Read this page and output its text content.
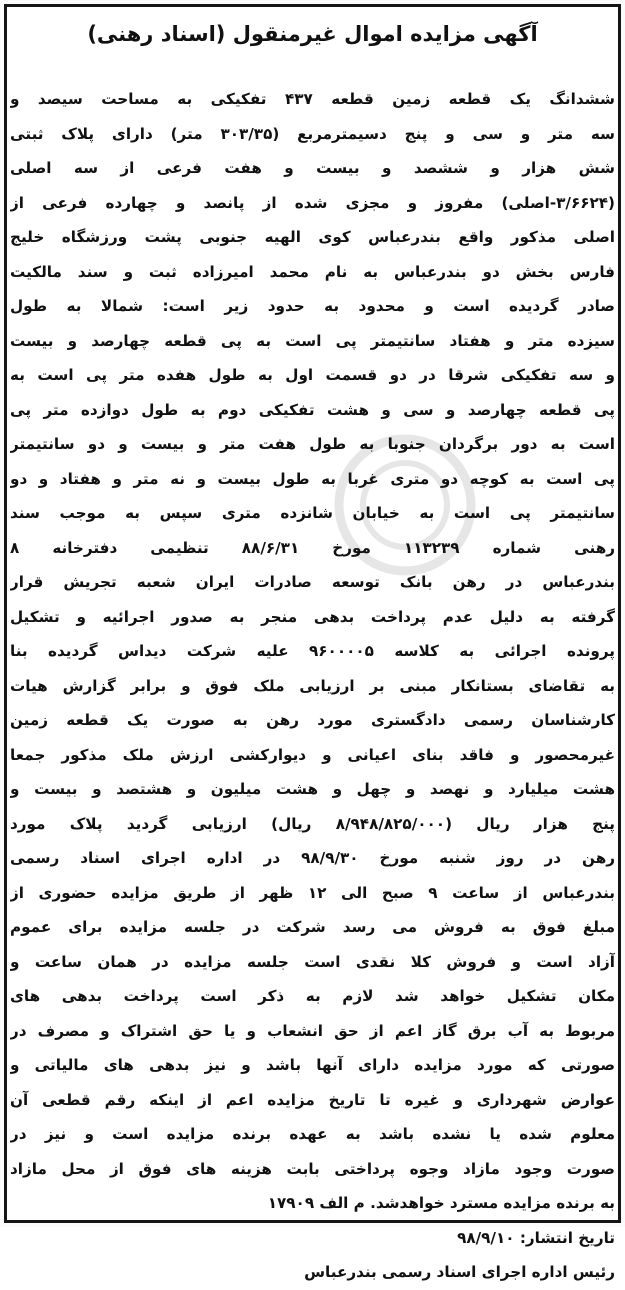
آگهی مزایده اموال غیرمنقول (اسناد رهنی)
ششدانگ یک قطعه زمین قطعه ۴۳۷ تفکیکی به مساحت سیصد و
سه متر و سی و پنج دسیمترمربع (۳۰۳/۳۵ متر) دارای پلاک ثبتی
شش هزار و ششصد و بیست و هفت فرعی از سه اصلی
(۳/۶۶۲۴-اصلی) مفروز و مجزی شده از پانصد و چهارده فرعی از
اصلی مذکور واقع بندرعباس کوی الهیه جنوبی پشت ورزشگاه خلیج
فارس بخش دو بندرعباس به نام محمد امیرزاده ثبت و سند مالکیت
صادر گردیده است و محدود به حدود زیر است: شمالا به طول
سیزده متر و هفتاد سانتیمتر پی است به پی قطعه چهارصد و بیست
و سه تفکیکی شرقا در دو قسمت اول به طول هفده متر پی است به
پی قطعه چهارصد و سی و هشت تفکیکی دوم به طول دوازده متر پی
است به دور برگردان جنوبا به طول هفت متر و بیست و دو سانتیمتر
پی است به کوچه دو متری غربا به طول بیست و نه متر و هفتاد و دو
سانتیمتر پی است به خیابان شانزده متری سپس به موجب سند
رهنی شماره ۱۱۳۲۳۹ مورخ ۸۸/۶/۳۱ تنظیمی دفترخانه ۸
بندرعباس در رهن بانک توسعه صادرات ایران شعبه تجریش قرار
گرفته به دلیل عدم پرداخت بدهی منجر به صدور اجرائیه و تشکیل
پرونده اجرائی به کلاسه ۹۶۰۰۰۰۵ علیه شرکت دیداس گردیده بنا
به تقاضای بستانکار مبنی بر ارزیابی ملک فوق و برابر گزارش هیات
کارشناسان رسمی دادگستری مورد رهن به صورت یک قطعه زمین
غیرمحصور و فاقد بنای اعیانی و دیوارکشی ارزش ملک مذکور جمعا
هشت میلیارد و نهصد و چهل و هشت میلیون و هشتصد و بیست و
پنج هزار ریال (۸/۹۴۸/۸۲۵/۰۰۰ ریال) ارزیابی گردید پلاک مورد
رهن در روز شنبه مورخ ۹۸/۹/۳۰ در اداره اجرای اسناد رسمی
بندرعباس از ساعت ۹ صبح الی ۱۲ ظهر از طریق مزایده حضوری از
مبلغ فوق به فروش می رسد شرکت در جلسه مزایده برای عموم
آزاد است و فروش کلا نقدی است جلسه مزایده در همان ساعت و
مکان تشکیل خواهد شد لازم به ذکر است پرداخت بدهی های
مربوط به آب برق گاز اعم از حق انشعاب و یا حق اشتراک و مصرف در
صورتی که مورد مزایده دارای آنها باشد و نیز بدهی های مالیاتی و
عوارض شهرداری و غیره تا تاریخ مزایده اعم از اینکه رقم قطعی آن
معلوم شده یا نشده باشد به عهده برنده مزایده است و نیز در
صورت وجود مازاد وجوه پرداختی بابت هزینه های فوق از محل مازاد
به برنده مزایده مسترد خواهدشد. م الف ۱۷۹۰۹
تاریخ انتشار: ۹۸/۹/۱۰
رئیس اداره اجرای اسناد رسمی بندرعباس
